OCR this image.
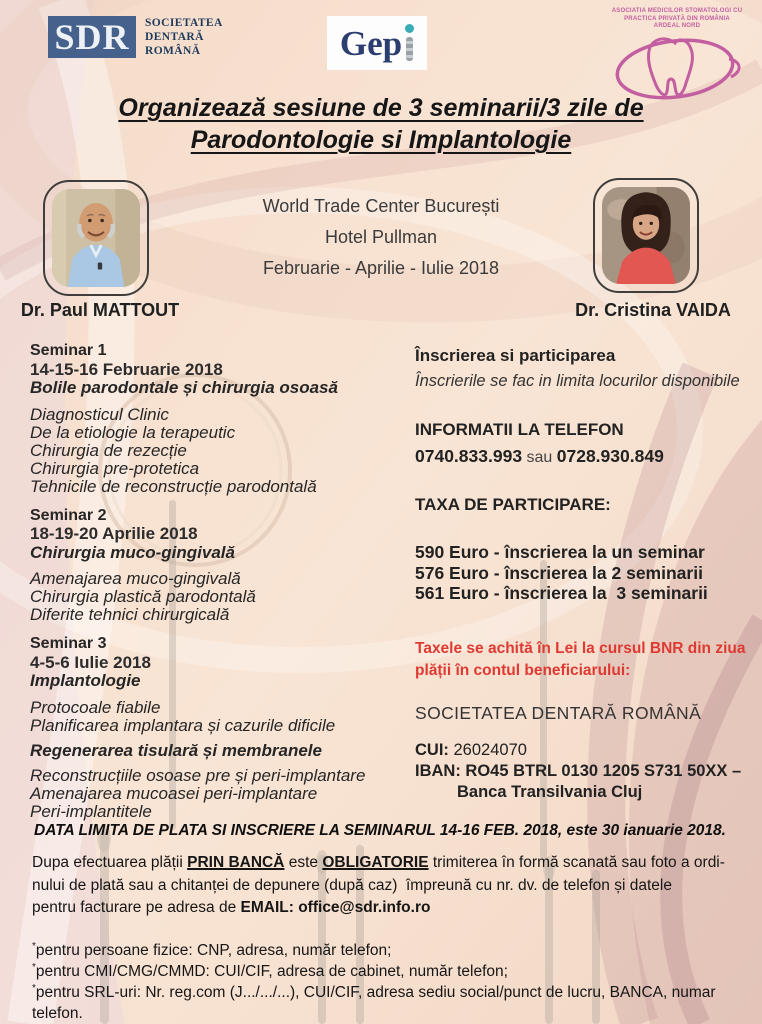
SDR	SOCIETATEA
DENTARĂ
ROMÂNĂ	Gep
ASOCIATIA MEDICILOR STOMATOLOGI CU
PRACTICA PRIVATĂ DIN ROMÂNIA
ARDEAL NORD
Organizează sesiune de 3 seminarii/3 zile de
Parodontologie si Implantologie
Dr. Paul MATTOUT	Dr. Cristina VAIDA
World Trade Center București
Hotel Pullman
Februarie - Aprilie - Iulie 2018
Seminar 1
14-15-16 Februarie 2018
Bolile parodontale și chirurgia osoasă
Diagnosticul Clinic
De la etiologie la terapeutic
Chirurgia de rezecție
Chirurgia pre-protetica
Tehnicile de reconstrucție parodontală
Seminar 2
18-19-20 Aprilie 2018
Chirurgia muco-gingivală
Amenajarea muco-gingivală
Chirurgia plastică parodontală
Diferite tehnici chirurgicală
Seminar 3
4-5-6 Iulie 2018
Implantologie
Protocoale fiabile
Planificarea implantara și cazurile dificile
Regenerarea tisulară și membranele
Reconstrucțiile osoase pre și peri-implantare
Amenajarea mucoasei peri-implantare
Peri-implantitele
Înscrierea si participarea
Înscrierile se fac in limita locurilor disponibile
INFORMATII LA TELEFON
0740.833.993 sau 0728.930.849
TAXA DE PARTICIPARE:
590 Euro - înscrierea la un seminar
576 Euro - înscrierea la 2 seminarii
561 Euro - înscrierea la  3 seminarii
Taxele se achită în Lei la cursul BNR din ziua
plății în contul beneficiarului:
SOCIETATEA DENTARĂ ROMÂNĂ
CUI: 26024070
IBAN: RO45 BTRL 0130 1205 S731 50XX –
Banca Transilvania Cluj
DATA LIMITA DE PLATA SI INSCRIERE LA SEMINARUL 14-16 FEB. 2018, este 30 ianuarie 2018.
Dupa efectuarea plății PRIN BANCĂ este OBLIGATORIE trimiterea în formă scanată sau foto a ordi-
nului de plată sau a chitanței de depunere (după caz)  împreună cu nr. dv. de telefon și datele
pentru facturare pe adresa de EMAIL: office@sdr.info.ro
*pentru persoane fizice: CNP, adresa, număr telefon;
*pentru CMI/CMG/CMMD: CUI/CIF, adresa de cabinet, număr telefon;
*pentru SRL-uri: Nr. reg.com (J.../.../...), CUI/CIF, adresa sediu social/punct de lucru, BANCA, numar telefon.
